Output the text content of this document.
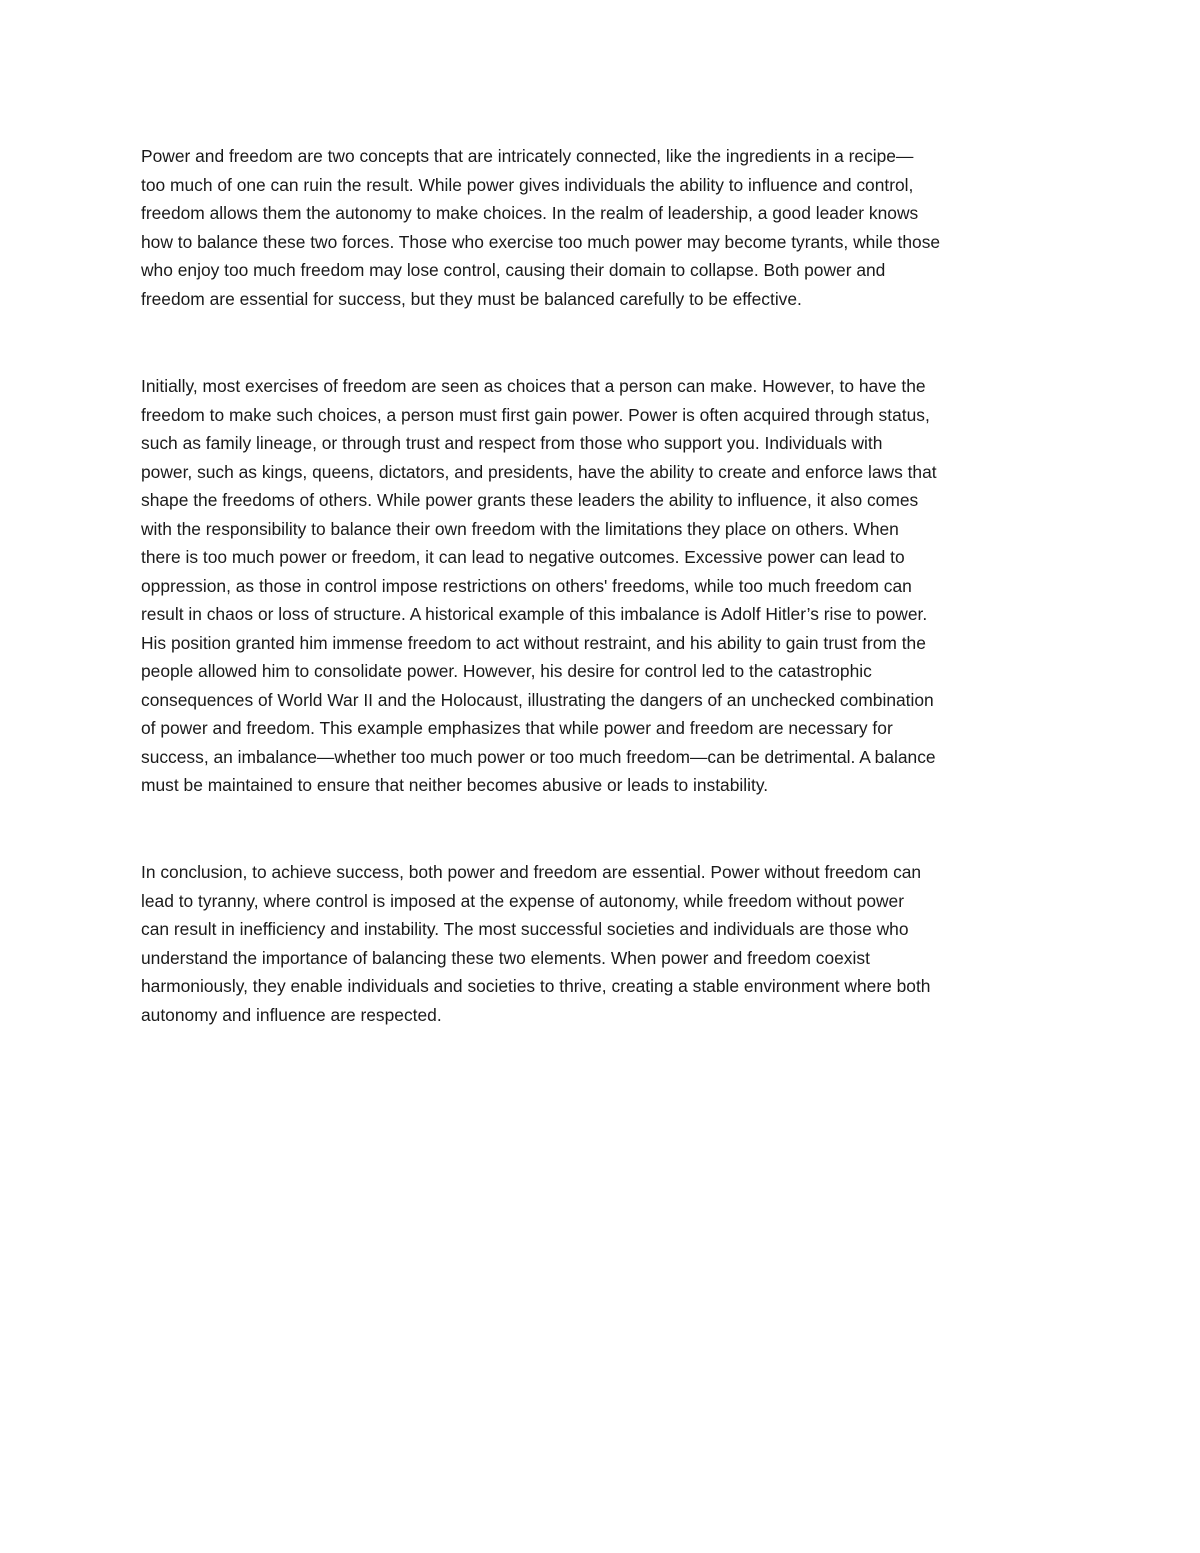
Power and freedom are two concepts that are intricately connected, like the ingredients in a recipe—
too much of one can ruin the result. While power gives individuals the ability to influence and control,
freedom allows them the autonomy to make choices. In the realm of leadership, a good leader knows
how to balance these two forces. Those who exercise too much power may become tyrants, while those
who enjoy too much freedom may lose control, causing their domain to collapse. Both power and
freedom are essential for success, but they must be balanced carefully to be effective.
Initially, most exercises of freedom are seen as choices that a person can make. However, to have the
freedom to make such choices, a person must first gain power. Power is often acquired through status,
such as family lineage, or through trust and respect from those who support you. Individuals with
power, such as kings, queens, dictators, and presidents, have the ability to create and enforce laws that
shape the freedoms of others. While power grants these leaders the ability to influence, it also comes
with the responsibility to balance their own freedom with the limitations they place on others. When
there is too much power or freedom, it can lead to negative outcomes. Excessive power can lead to
oppression, as those in control impose restrictions on others' freedoms, while too much freedom can
result in chaos or loss of structure. A historical example of this imbalance is Adolf Hitler’s rise to power.
His position granted him immense freedom to act without restraint, and his ability to gain trust from the
people allowed him to consolidate power. However, his desire for control led to the catastrophic
consequences of World War II and the Holocaust, illustrating the dangers of an unchecked combination
of power and freedom. This example emphasizes that while power and freedom are necessary for
success, an imbalance—whether too much power or too much freedom—can be detrimental. A balance
must be maintained to ensure that neither becomes abusive or leads to instability.
In conclusion, to achieve success, both power and freedom are essential. Power without freedom can
lead to tyranny, where control is imposed at the expense of autonomy, while freedom without power
can result in inefficiency and instability. The most successful societies and individuals are those who
understand the importance of balancing these two elements. When power and freedom coexist
harmoniously, they enable individuals and societies to thrive, creating a stable environment where both
autonomy and influence are respected.
